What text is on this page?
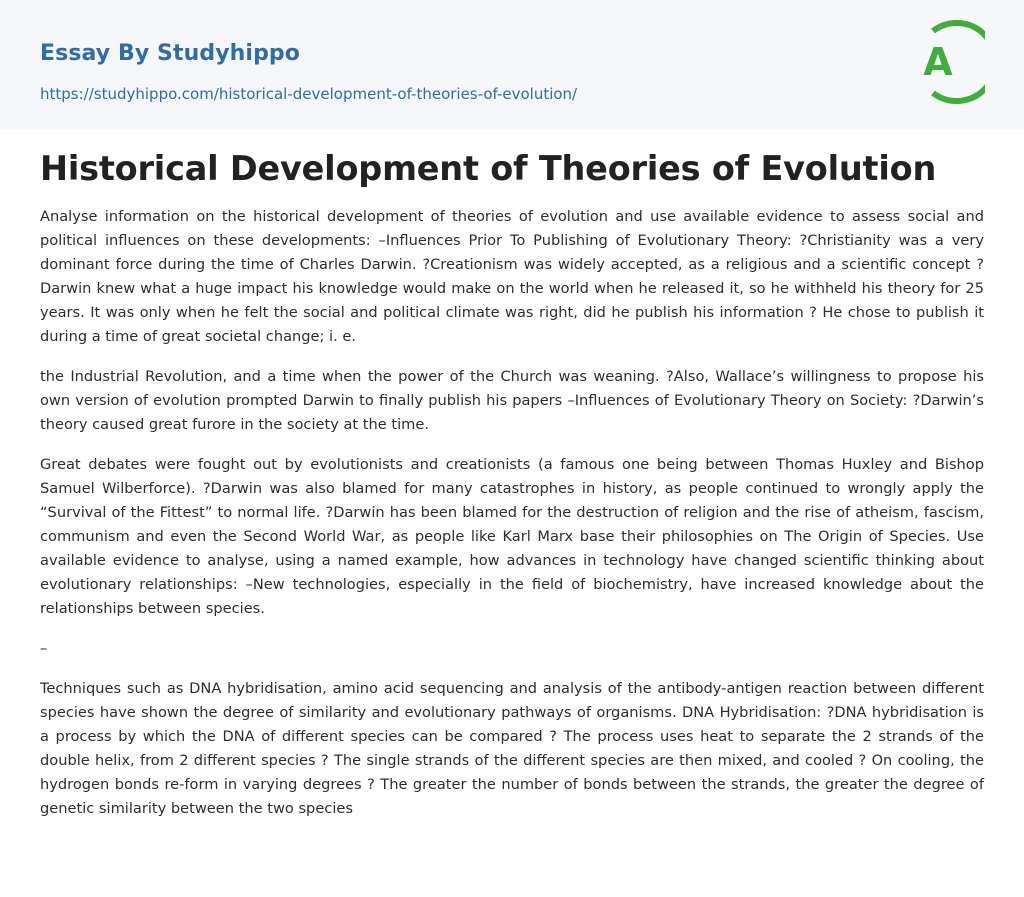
Essay By Studyhippo
https://studyhippo.com/historical-development-of-theories-of-evolution/
A
Historical Development of Theories of Evolution

Analyse information on the historical development of theories of evolution and use available evidence to assess social and political influences on these developments: –Influences Prior To Publishing of Evolutionary Theory: ?Christianity was a very dominant force during the time of Charles Darwin. ?Creationism was widely accepted, as a religious and a scientific concept ? Darwin knew what a huge impact his knowledge would make on the world when he released it, so he withheld his theory for 25 years. It was only when he felt the social and political climate was right, did he publish his information ? He chose to publish it during a time of great societal change; i. e.

the Industrial Revolution, and a time when the power of the Church was weaning. ?Also, Wallace’s willingness to propose his own version of evolution prompted Darwin to finally publish his papers –Influences of Evolutionary Theory on Society: ?Darwin’s theory caused great furore in the society at the time.

Great debates were fought out by evolutionists and creationists (a famous one being between Thomas Huxley and Bishop Samuel Wilberforce). ?Darwin was also blamed for many catastrophes in history, as people continued to wrongly apply the “Survival of the Fittest” to normal life. ?Darwin has been blamed for the destruction of religion and the rise of atheism, fascism, communism and even the Second World War, as people like Karl Marx base their philosophies on The Origin of Species. Use available evidence to analyse, using a named example, how advances in technology have changed scientific thinking about evolutionary relationships: –New technologies, especially in the field of biochemistry, have increased knowledge about the relationships between species.

–

Techniques such as DNA hybridisation, amino acid sequencing and analysis of the antibody-antigen reaction between different species have shown the degree of similarity and evolutionary pathways of organisms. DNA Hybridisation: ?DNA hybridisation is a process by which the DNA of different species can be compared ? The process uses heat to separate the 2 strands of the double helix, from 2 different species ? The single strands of the different species are then mixed, and cooled ? On cooling, the hydrogen bonds re-form in varying degrees ? The greater the number of bonds between the strands, the greater the degree of genetic similarity between the two species
